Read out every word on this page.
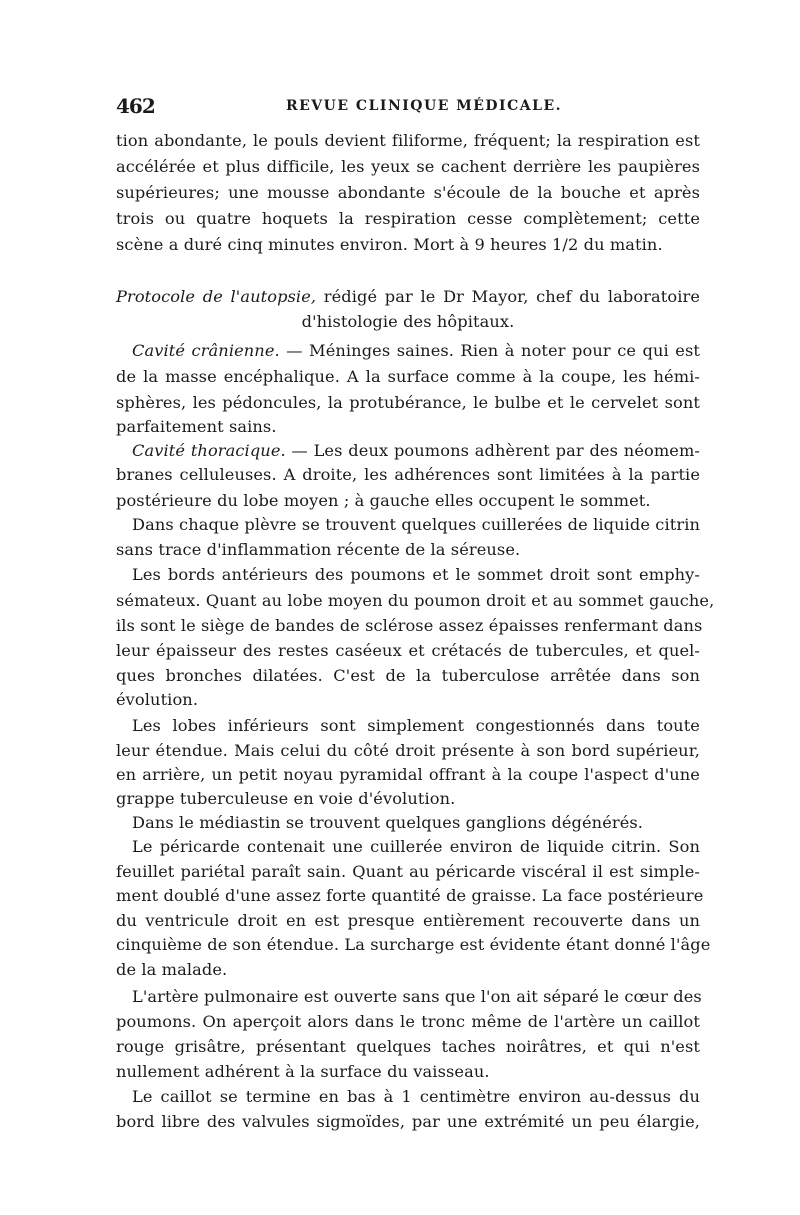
462	REVUE CLINIQUE MÉDICALE.
tion abondante, le pouls devient filiforme, fréquent; la respiration est
accélérée et plus difficile, les yeux se cachent derrière les paupières
supérieures; une mousse abondante s'écoule de la bouche et après
trois ou quatre hoquets la respiration cesse complètement; cette
scène a duré cinq minutes environ. Mort à 9 heures 1/2 du matin.
Protocole de l'autopsie, rédigé par le Dr Mayor, chef du laboratoire
d'histologie des hôpitaux.
Cavité crânienne. — Méninges saines. Rien à noter pour ce qui est
de la masse encéphalique. A la surface comme à la coupe, les hémi-
sphères, les pédoncules, la protubérance, le bulbe et le cervelet sont
parfaitement sains.
Cavité thoracique. — Les deux poumons adhèrent par des néomem-
branes celluleuses. A droite, les adhérences sont limitées à la partie
postérieure du lobe moyen ; à gauche elles occupent le sommet.
Dans chaque plèvre se trouvent quelques cuillerées de liquide citrin
sans trace d'inflammation récente de la séreuse.
Les bords antérieurs des poumons et le sommet droit sont emphy-
sémateux. Quant au lobe moyen du poumon droit et au sommet gauche,
ils sont le siège de bandes de sclérose assez épaisses renfermant dans
leur épaisseur des restes caséeux et crétacés de tubercules, et quel-
ques bronches dilatées. C'est de la tuberculose arrêtée dans son
évolution.
Les lobes inférieurs sont simplement congestionnés dans toute
leur étendue. Mais celui du côté droit présente à son bord supérieur,
en arrière, un petit noyau pyramidal offrant à la coupe l'aspect d'une
grappe tuberculeuse en voie d'évolution.
Dans le médiastin se trouvent quelques ganglions dégénérés.
Le péricarde contenait une cuillerée environ de liquide citrin. Son
feuillet pariétal paraît sain. Quant au péricarde viscéral il est simple-
ment doublé d'une assez forte quantité de graisse. La face postérieure
du ventricule droit en est presque entièrement recouverte dans un
cinquième de son étendue. La surcharge est évidente étant donné l'âge
de la malade.
L'artère pulmonaire est ouverte sans que l'on ait séparé le cœur des
poumons. On aperçoit alors dans le tronc même de l'artère un caillot
rouge grisâtre, présentant quelques taches noirâtres, et qui n'est
nullement adhérent à la surface du vaisseau.
Le caillot se termine en bas à 1 centimètre environ au-dessus du
bord libre des valvules sigmoïdes, par une extrémité un peu élargie,
